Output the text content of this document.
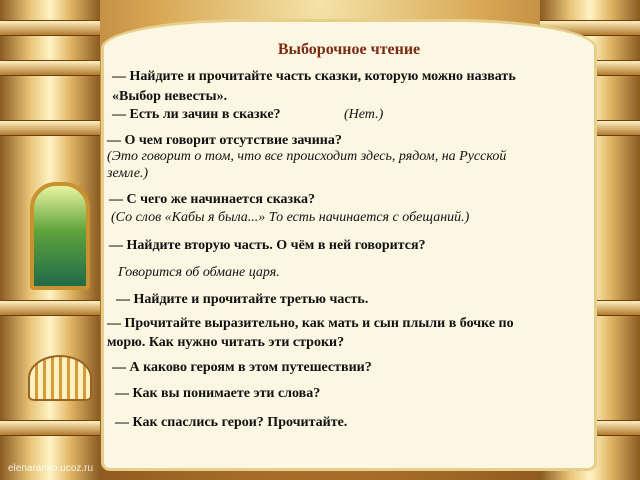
Выборочное чтение
— Найдите и прочитайте часть сказки, которую можно назвать
«Выбор невесты».
— Есть ли зачин в сказке?	(Нет.)
— О чем говорит отсутствие зачина?
(Это говорит о том, что все происходит здесь, рядом, на Русской
земле.)
— С чего же начинается сказка?
(Со слов «Кабы я была...» То есть начинается с обещаний.)
— Найдите вторую часть. О чём в ней говорится?
Говорится об обмане царя.
— Найдите и прочитайте третью часть.
— Прочитайте выразительно, как мать и сын плыли в бочке по
морю. Как нужно читать эти строки?
— А каково героям в этом путешествии?
— Как вы понимаете эти слова?
— Как спаслись герои? Прочитайте.
elenaranko.ucoz.ru
